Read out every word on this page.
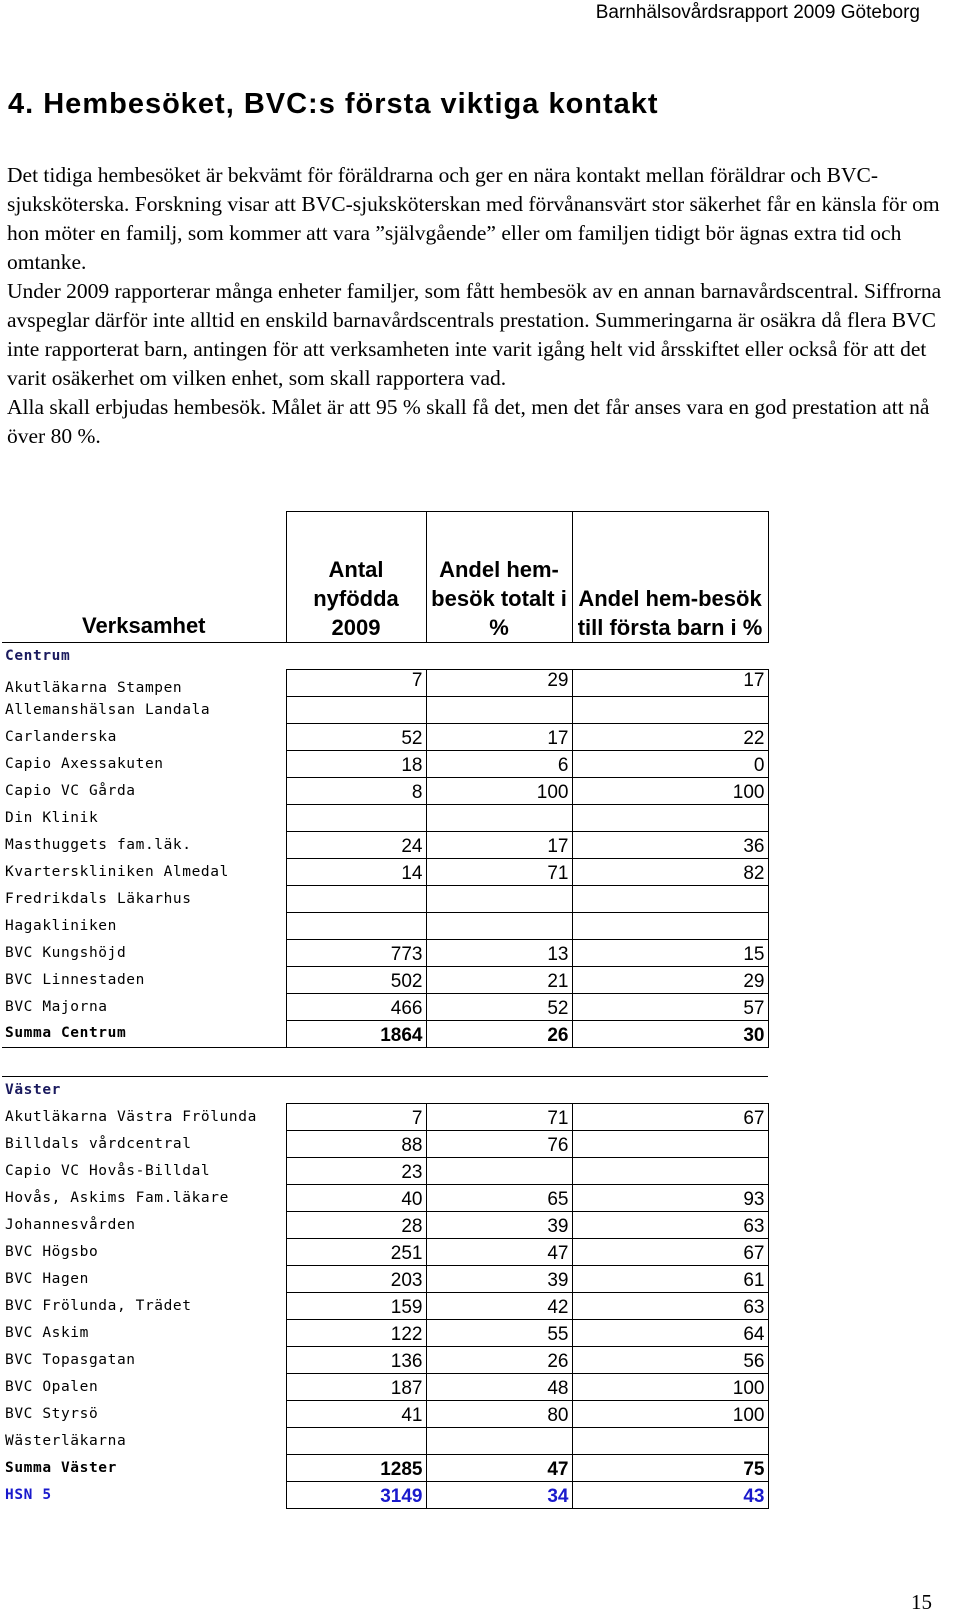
Barnhälsovårdsrapport 2009 Göteborg
4. Hembesöket, BVC:s första viktiga kontakt

Det tidiga hembesöket är bekvämt för föräldrarna och ger en nära kontakt mellan föräldrar och BVC-sjuksköterska. Forskning visar att BVC-sjuksköterskan med förvånansvärt stor säkerhet får en känsla för om hon möter en familj, som kommer att vara ”självgående” eller om familjen tidigt bör ägnas extra tid och omtanke.

Under 2009 rapporterar många enheter familjer, som fått hembesök av en annan barnavårdscentral. Siffrorna avspeglar därför inte alltid en enskild barnavårdscentrals prestation. Summeringarna är osäkra då flera BVC inte rapporterat barn, antingen för att verksamheten inte varit igång helt vid årsskiftet eller också för att det varit osäkerhet om vilken enhet, som skall rapportera vad.

Alla skall erbjudas hembesök. Målet är att 95 % skall få det, men det får anses vara en god prestation att nå över 80 %.

Verksamhet	Antal nyfödda 2009	Andel hem-besök totalt i %	Andel hem-besök till första barn i %
Centrum			
Akutläkarna Stampen	7	29	17
Allemanshälsan Landala			
Carlanderska	52	17	22
Capio Axessakuten	18	6	0
Capio VC Gårda	8	100	100
Din Klinik			
Masthuggets fam.läk.	24	17	36
Kvarterskliniken Almedal	14	71	82
Fredrikdals Läkarhus			
Hagakliniken			
BVC Kungshöjd	773	13	15
BVC Linnestaden	502	21	29
BVC Majorna	466	52	57
Summa Centrum	1864	26	30

Väster			
Akutläkarna Västra Frölunda	7	71	67
Billdals vårdcentral	88	76	
Capio VC Hovås-Billdal	23		
Hovås, Askims Fam.läkare	40	65	93
Johannesvården	28	39	63
BVC Högsbo	251	47	67
BVC Hagen	203	39	61
BVC Frölunda, Trädet	159	42	63
BVC Askim	122	55	64
BVC Topasgatan	136	26	56
BVC Opalen	187	48	100
BVC Styrsö	41	80	100
Wästerläkarna			
Summa Väster	1285	47	75
HSN 5	3149	34	43
15
